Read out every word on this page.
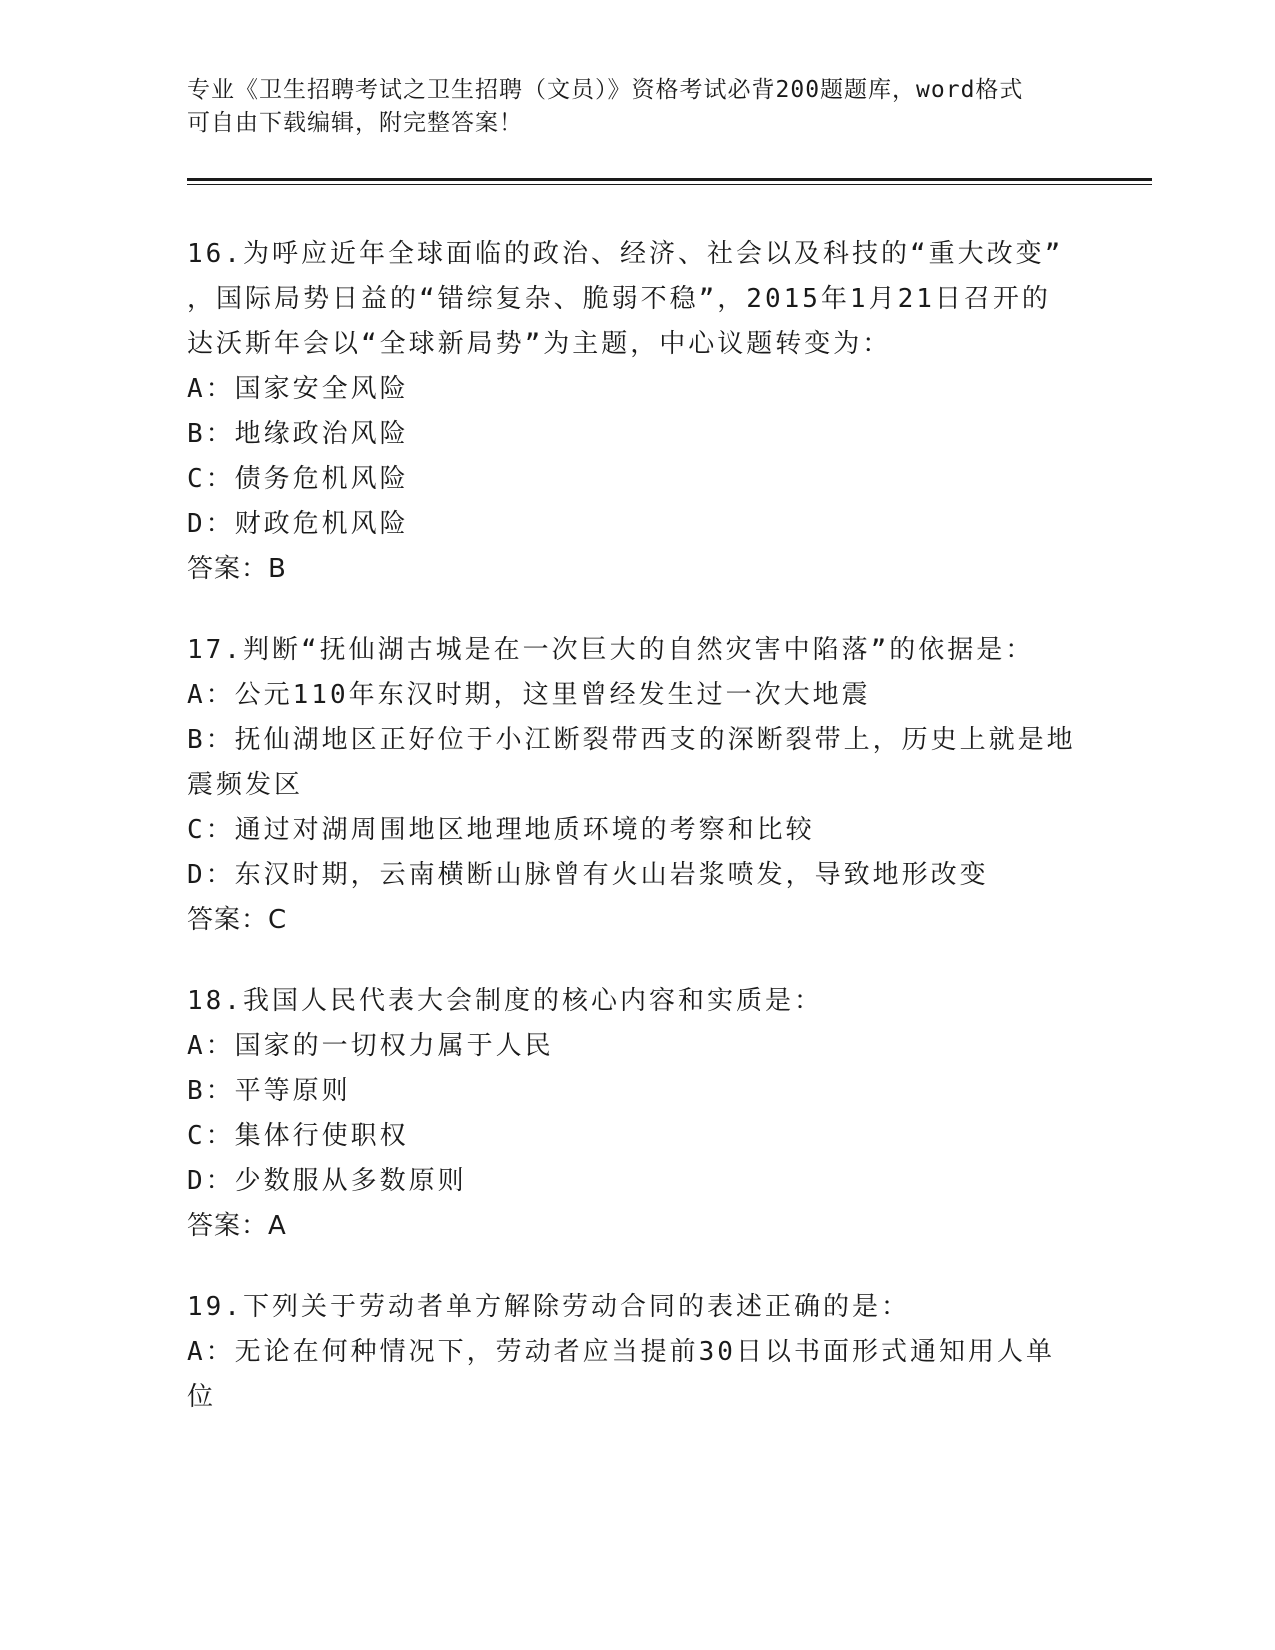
专业《卫生招聘考试之卫生招聘（文员）》资格考试必背200题题库，word格式
可自由下载编辑，附完整答案！

16.为呼应近年全球面临的政治、经济、社会以及科技的“重大改变”

，国际局势日益的“错综复杂、脆弱不稳”，2015年1月21日召开的

达沃斯年会以“全球新局势”为主题，中心议题转变为：

A：国家安全风险

B：地缘政治风险

C：债务危机风险

D：财政危机风险

答案：B

17.判断“抚仙湖古城是在一次巨大的自然灾害中陷落”的依据是：

A：公元110年东汉时期，这里曾经发生过一次大地震

B：抚仙湖地区正好位于小江断裂带西支的深断裂带上，历史上就是地

震频发区

C：通过对湖周围地区地理地质环境的考察和比较

D：东汉时期，云南横断山脉曾有火山岩浆喷发，导致地形改变

答案：C

18.我国人民代表大会制度的核心内容和实质是：

A：国家的一切权力属于人民

B：平等原则

C：集体行使职权

D：少数服从多数原则

答案：A

19.下列关于劳动者单方解除劳动合同的表述正确的是：

A：无论在何种情况下，劳动者应当提前30日以书面形式通知用人单

位
